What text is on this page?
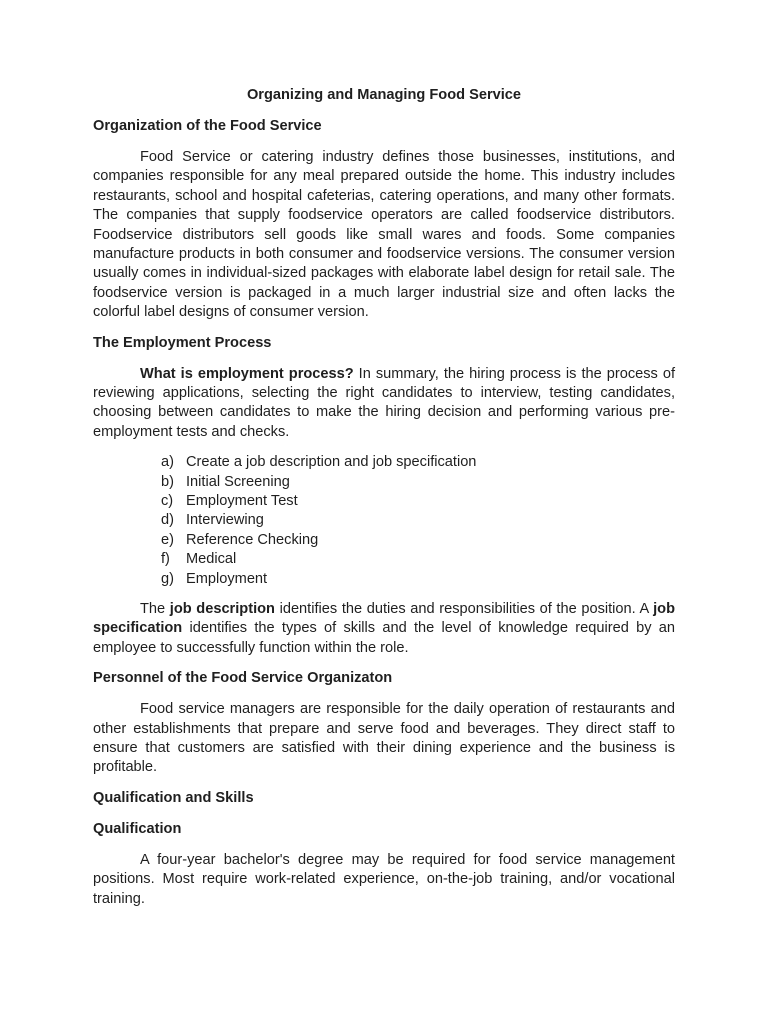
Organizing and Managing Food Service
Organization of the Food Service

Food Service or catering industry defines those businesses, institutions, and companies responsible for any meal prepared outside the home. This industry includes restaurants, school and hospital cafeterias, catering operations, and many other formats. The companies that supply foodservice operators are called foodservice distributors. Foodservice distributors sell goods like small wares and foods. Some companies manufacture products in both consumer and foodservice versions. The consumer version usually comes in individual-sized packages with elaborate label design for retail sale. The foodservice version is packaged in a much larger industrial size and often lacks the colorful label designs of consumer version.

The Employment Process

What is employment process? In summary, the hiring process is the process of reviewing applications, selecting the right candidates to interview, testing candidates, choosing between candidates to make the hiring decision and performing various pre-employment tests and checks.

a) Create a job description and job specification
b) Initial Screening
c) Employment Test
d) Interviewing
e) Reference Checking
f)	Medical
g) Employment

The job description identifies the duties and responsibilities of the position. A job specification identifies the types of skills and the level of knowledge required by an employee to successfully function within the role.

Personnel of the Food Service Organizaton

Food service managers are responsible for the daily operation of restaurants and other establishments that prepare and serve food and beverages. They direct staff to ensure that customers are satisfied with their dining experience and the business is profitable.

Qualification and Skills
Qualification

A four-year bachelor's degree may be required for food service management positions. Most require work-related experience, on-the-job training, and/or vocational training.
